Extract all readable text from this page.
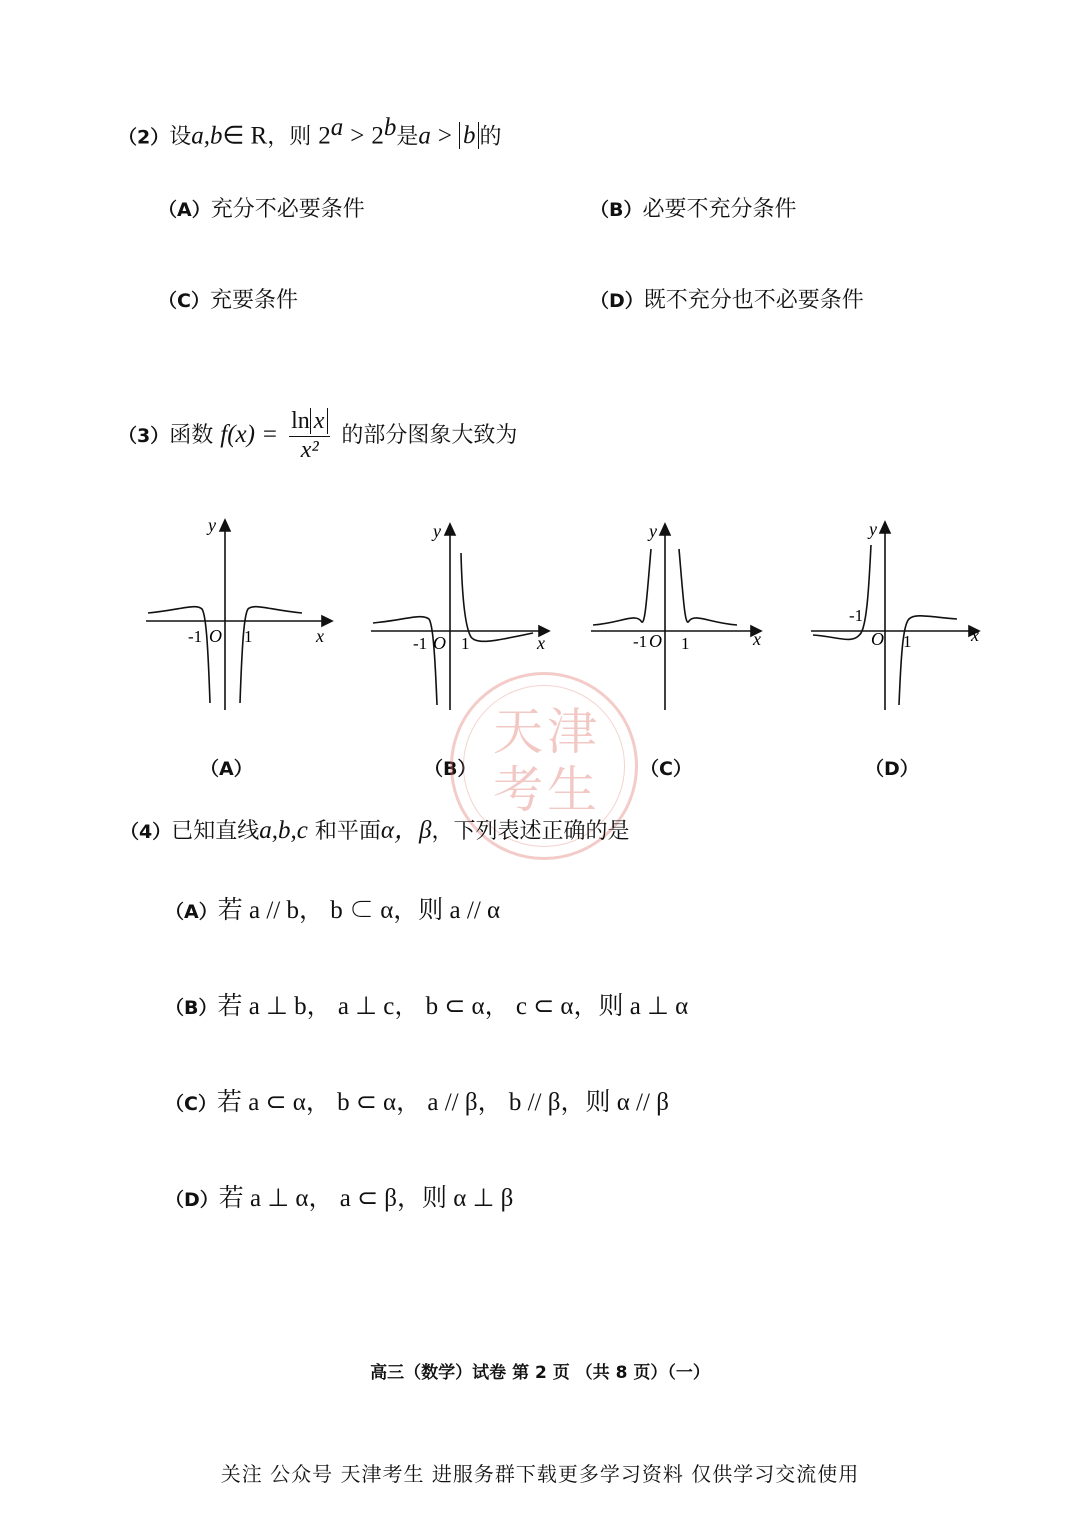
（2）设a,b∈ R，则 $2^a > 2^b$是a > b 的
（A）充分不必要条件	（B）必要不充分条件
（C）充要条件	（D）既不充分也不必要条件
（3）函数 $f(x) = \frac{\text{ln x}}{\text{x²}}$ 的部分图象大致为
y
x
-1 O 1
y
x
-1 O 1
y
x
-1 O 1
y
x
-1
O 1
（A）	（B）	（C）	（D）
天津
考生
（4）已知直线a,b,c 和平面α，β，下列表述正确的是
（A）若 a // b， b ⊂ α，则 a // α
（B）若 a ⊥ b， a ⊥ c， b ⊂ α， c ⊂ α，则 a ⊥ α
（C）若 a ⊂ α， b ⊂ α， a // β， b // β，则 α // β
（D）若 a ⊥ α， a ⊂ β，则 α ⊥ β
高三（数学）试卷 第 2 页 （共 8 页）（一）
关注 公众号 天津考生 进服务群下载更多学习资料 仅供学习交流使用
